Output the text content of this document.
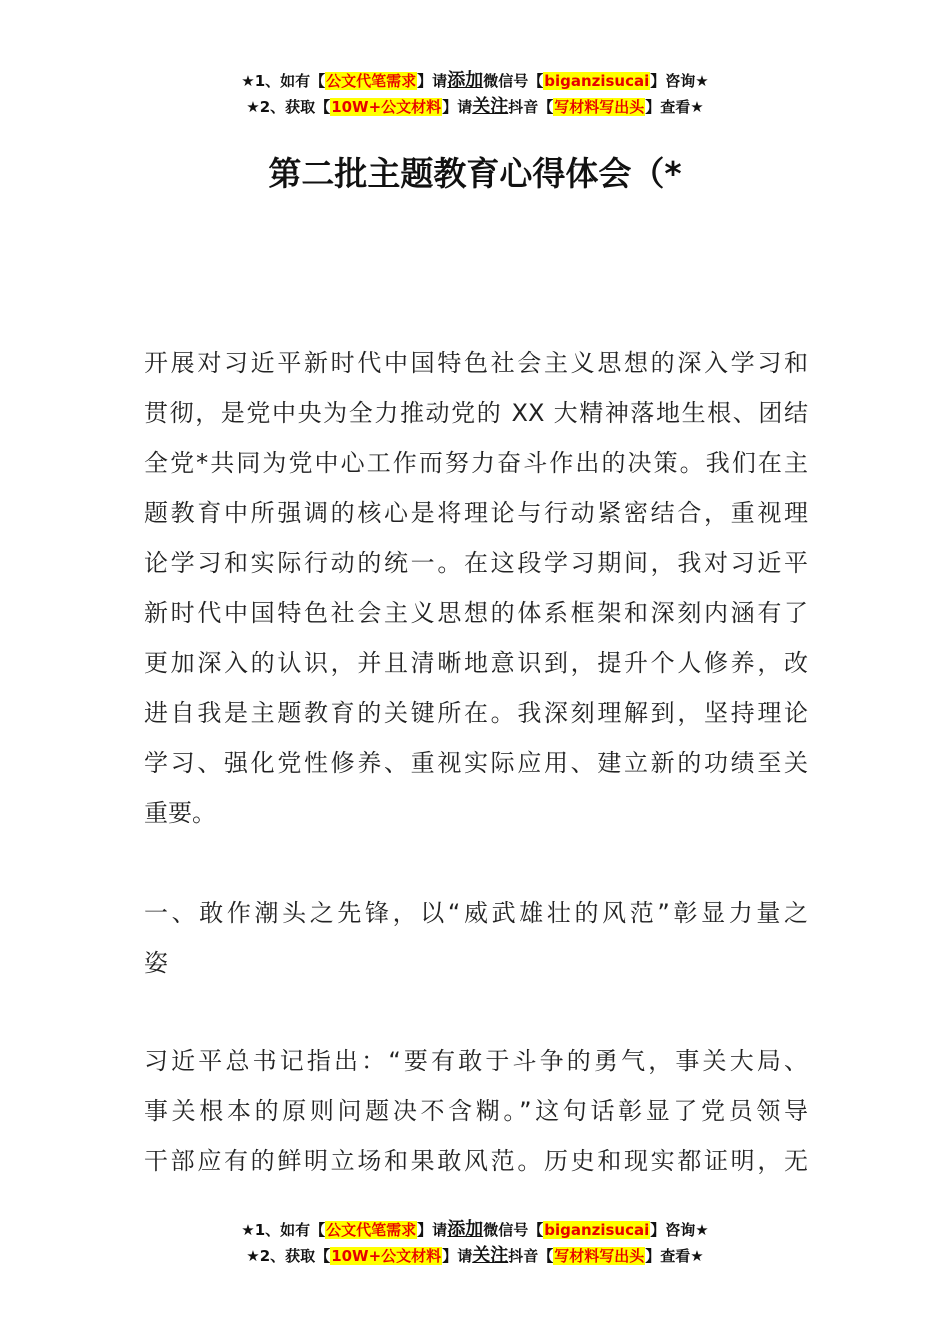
★1、如有【公文代笔需求】请添加微信号【biganzisucai】咨询★
★2、获取【10W+公文材料】请关注抖音【写材料写出头】查看★
第二批主题教育心得体会（*
开展对习近平新时代中国特色社会主义思想的深入学习和
贯彻，是党中央为全力推动党的 XX 大精神落地生根、团结
全党*共同为党中心工作而努力奋斗作出的决策。我们在主
题教育中所强调的核心是将理论与行动紧密结合，重视理
论学习和实际行动的统一。在这段学习期间，我对习近平
新时代中国特色社会主义思想的体系框架和深刻内涵有了
更加深入的认识，并且清晰地意识到，提升个人修养，改
进自我是主题教育的关键所在。我深刻理解到，坚持理论
学习、强化党性修养、重视实际应用、建立新的功绩至关
重要。
一、敢作潮头之先锋，以“威武雄壮的风范”彰显力量之
姿
习近平总书记指出：“要有敢于斗争的勇气，事关大局、
事关根本的原则问题决不含糊。”这句话彰显了党员领导
干部应有的鲜明立场和果敢风范。历史和现实都证明，无
★1、如有【公文代笔需求】请添加微信号【biganzisucai】咨询★
★2、获取【10W+公文材料】请关注抖音【写材料写出头】查看★
